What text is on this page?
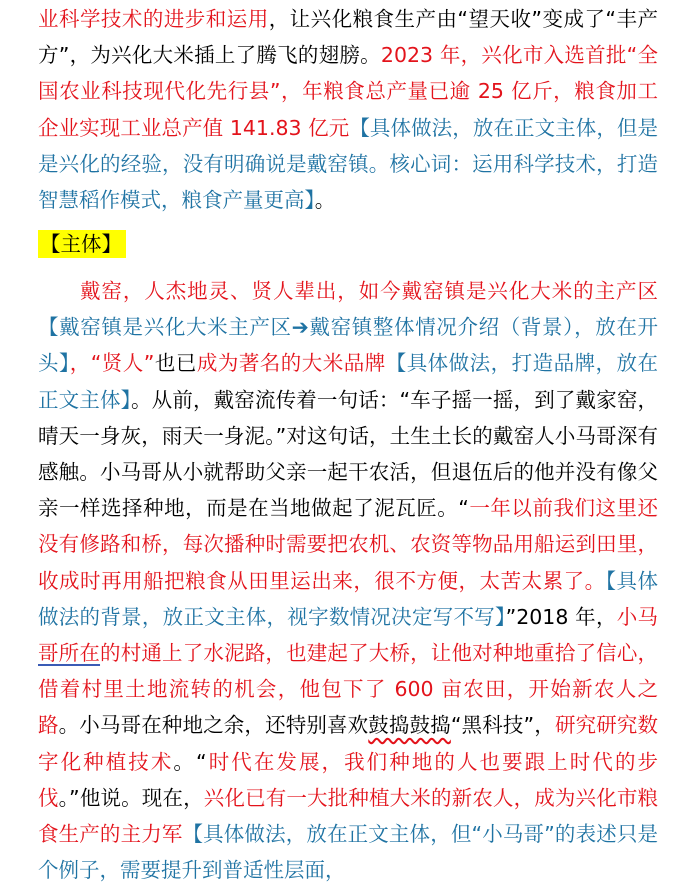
业科学技术的进步和运用，让兴化粮食生产由“望天收”变成了“丰产方”，为兴化大米插上了腾飞的翅膀。2023 年，兴化市入选首批“全国农业科技现代化先行县”，年粮食总产量已逾 25 亿斤，粮食加工企业实现工业总产值 141.83 亿元【具体做法，放在正文主体，但是是兴化的经验，没有明确说是戴窑镇。核心词：运用科学技术，打造智慧稻作模式，粮食产量更高】。
【主体】
戴窑，人杰地灵、贤人辈出，如今戴窑镇是兴化大米的主产区【戴窑镇是兴化大米主产区➔戴窑镇整体情况介绍（背景），放在开头】，“贤人”也已成为著名的大米品牌【具体做法，打造品牌，放在正文主体】。从前，戴窑流传着一句话：“车子摇一摇，到了戴家窑，晴天一身灰，雨天一身泥。”对这句话，土生土长的戴窑人小马哥深有感触。小马哥从小就帮助父亲一起干农活，但退伍后的他并没有像父亲一样选择种地，而是在当地做起了泥瓦匠。“一年以前我们这里还没有修路和桥，每次播种时需要把农机、农资等物品用船运到田里，收成时再用船把粮食从田里运出来，很不方便，太苦太累了。【具体做法的背景，放正文主体，视字数情况决定写不写】”2018 年，小马哥所在的村通上了水泥路，也建起了大桥，让他对种地重拾了信心，借着村里土地流转的机会，他包下了 600 亩农田，开始新农人之路。小马哥在种地之余，还特别喜欢鼓捣鼓捣“黑科技”，研究研究数字化种植技术。“时代在发展，我们种地的人也要跟上时代的步伐。”他说。现在，兴化已有一大批种植大米的新农人，成为兴化市粮食生产的主力军【具体做法，放在正文主体，但“小马哥”的表述只是个例子，需要提升到普适性层面，
